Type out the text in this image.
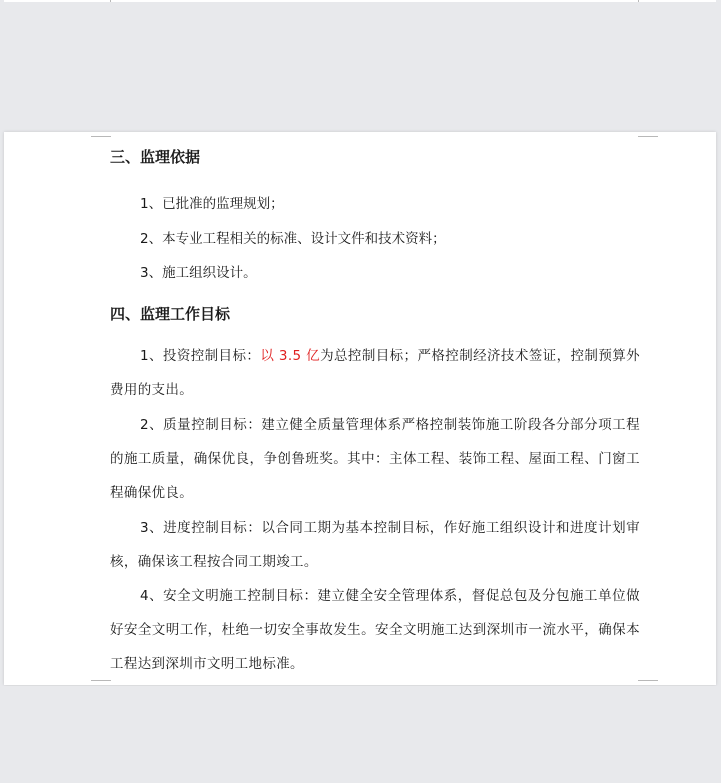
三、监理依据
1、已批准的监理规划；
2、本专业工程相关的标准、设计文件和技术资料；
3、施工组织设计。
四、监理工作目标
1、投资控制目标：以 3.5 亿为总控制目标；严格控制经济技术签证，控制预算外费用的支出。
2、质量控制目标：建立健全质量管理体系严格控制装饰施工阶段各分部分项工程的施工质量，确保优良，争创鲁班奖。其中：主体工程、装饰工程、屋面工程、门窗工程确保优良。
3、进度控制目标：以合同工期为基本控制目标，作好施工组织设计和进度计划审核，确保该工程按合同工期竣工。
4、安全文明施工控制目标：建立健全安全管理体系，督促总包及分包施工单位做好安全文明工作，杜绝一切安全事故发生。安全文明施工达到深圳市一流水平，确保本工程达到深圳市文明工地标准。
